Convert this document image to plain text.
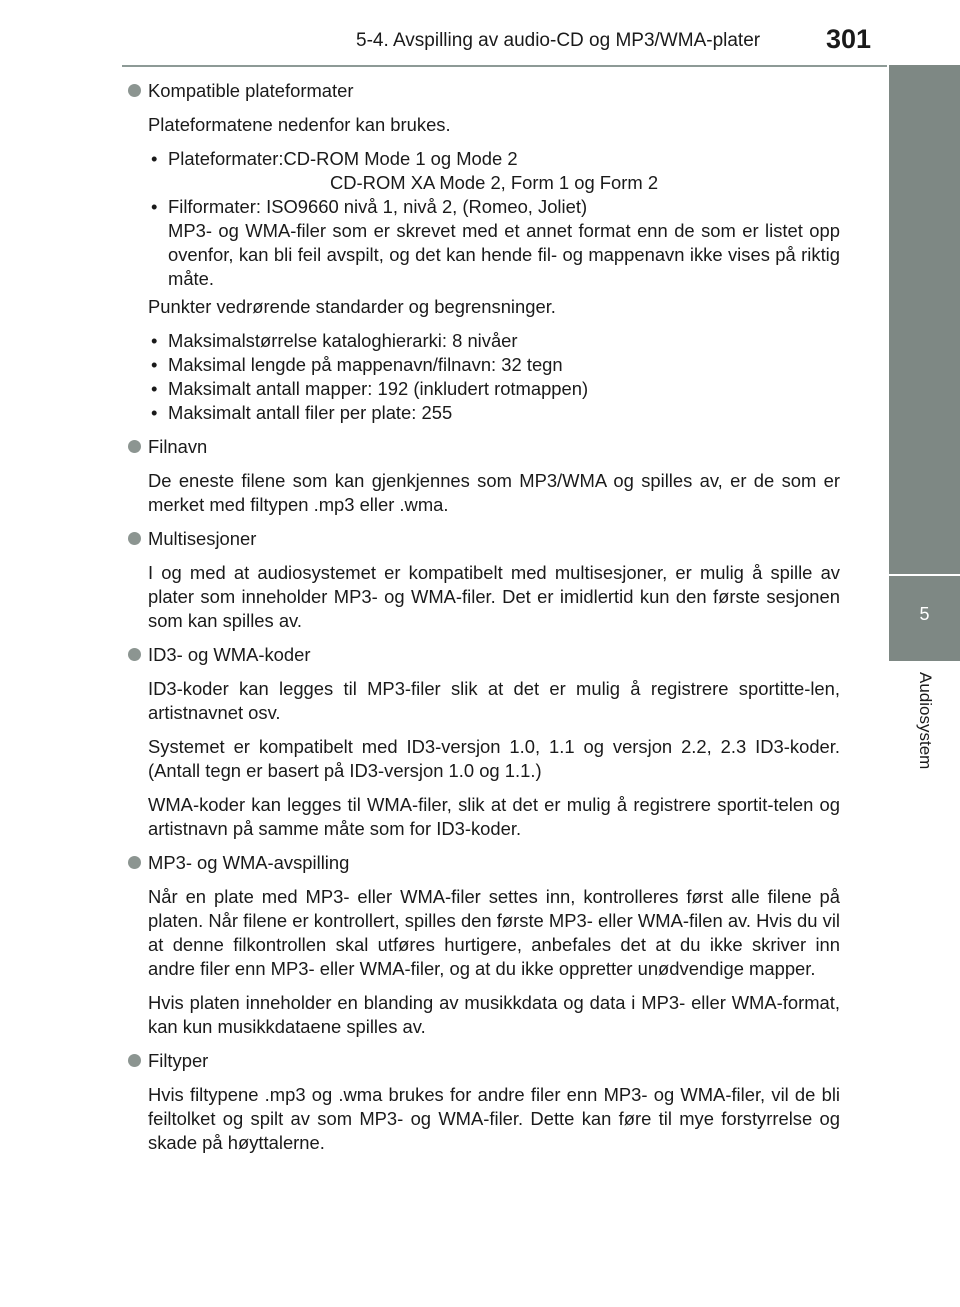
5-4. Avspilling av audio-CD og MP3/WMA-plater 301
5
Audiosystem
Kompatible plateformater

Plateformatene nedenfor kan brukes.

• Plateformater:CD-ROM Mode 1 og Mode 2
CD-ROM XA Mode 2, Form 1 og Form 2
• Filformater: ISO9660 nivå 1, nivå 2, (Romeo, Joliet)
MP3- og WMA-filer som er skrevet med et annet format enn de som er listet opp ovenfor, kan bli feil avspilt, og det kan hende fil- og mappenavn ikke vises på riktig måte.

Punkter vedrørende standarder og begrensninger.

• Maksimalstørrelse kataloghierarki: 8 nivåer
• Maksimal lengde på mappenavn/filnavn: 32 tegn
• Maksimalt antall mapper: 192 (inkludert rotmappen)
• Maksimalt antall filer per plate: 255
Filnavn

De eneste filene som kan gjenkjennes som MP3/WMA og spilles av, er de som er merket med filtypen .mp3 eller .wma.

Multisesjoner

I og med at audiosystemet er kompatibelt med multisesjoner, er mulig å spille av plater som inneholder MP3- og WMA-filer. Det er imidlertid kun den første sesjonen som kan spilles av.

ID3- og WMA-koder

ID3-koder kan legges til MP3-filer slik at det er mulig å registrere sportitte-len, artistnavnet osv.

Systemet er kompatibelt med ID3-versjon 1.0, 1.1 og versjon 2.2, 2.3 ID3-koder. (Antall tegn er basert på ID3-versjon 1.0 og 1.1.)

WMA-koder kan legges til WMA-filer, slik at det er mulig å registrere sportit-telen og artistnavn på samme måte som for ID3-koder.

MP3- og WMA-avspilling

Når en plate med MP3- eller WMA-filer settes inn, kontrolleres først alle filene på platen. Når filene er kontrollert, spilles den første MP3- eller WMA-filen av. Hvis du vil at denne filkontrollen skal utføres hurtigere, anbefales det at du ikke skriver inn andre filer enn MP3- eller WMA-filer, og at du ikke oppretter unødvendige mapper.

Hvis platen inneholder en blanding av musikkdata og data i MP3- eller WMA-format, kan kun musikkdataene spilles av.

Filtyper

Hvis filtypene .mp3 og .wma brukes for andre filer enn MP3- og WMA-filer, vil de bli feiltolket og spilt av som MP3- og WMA-filer. Dette kan føre til mye forstyrrelse og skade på høyttalerne.
